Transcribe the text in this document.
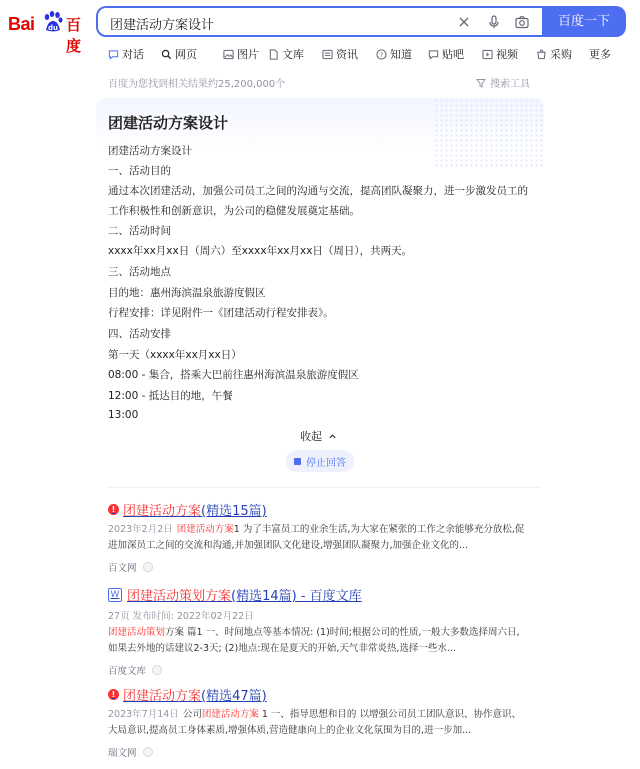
Bai du 百度
团建活动方案设计	百度一下
对话	网页	图片 文库	资讯	? 知道	贴吧	视频	采购 更多
百度为您找到相关结果约25,200,000个	搜索工具
团建活动方案设计
团建活动方案设计
一、活动目的
通过本次团建活动，加强公司员工之间的沟通与交流，提高团队凝聚力，进一步激发员工的
工作积极性和创新意识，为公司的稳健发展奠定基础。
二、活动时间
xxxx年xx月xx日（周六）至xxxx年xx月xx日（周日），共两天。
三、活动地点
目的地：惠州海滨温泉旅游度假区
行程安排：详见附件一《团建活动行程安排表》。
四、活动安排
第一天（xxxx年xx月xx日）
08:00 - 集合，搭乘大巴前往惠州海滨温泉旅游度假区
12:00 - 抵达目的地，午餐
13:00
收起
停止回答
! 团建活动方案 (精选15篇)
2023年2月2日 团建活动方案1 为了丰富员工的业余生活,为大家在紧张的工作之余能够充分放松,促
进加深员工之间的交流和沟通,并加强团队文化建设,增强团队凝聚力,加强企业文化的...
百文网
W 团建活动策划方案 (精选14篇) - 百度文库
27页 发布时间: 2022年02月22日
团建活动策划方案 篇1 一、时间地点等基本情况: (1)时间;根据公司的性质,一般大多数选择周六日,
如果去外地的话建议2-3天; (2)地点:现在是夏天的开始,天气非常炎热,选择一些水...
百度文库
! 团建活动方案 (精选47篇)
2023年7月14日 公司团建活动方案 1 一、指导思想和目的 以增强公司员工团队意识、协作意识、
大局意识,提高员工身体素质,增强体质,营造健康向上的企业文化氛围为目的,进一步加...
瑞文网
